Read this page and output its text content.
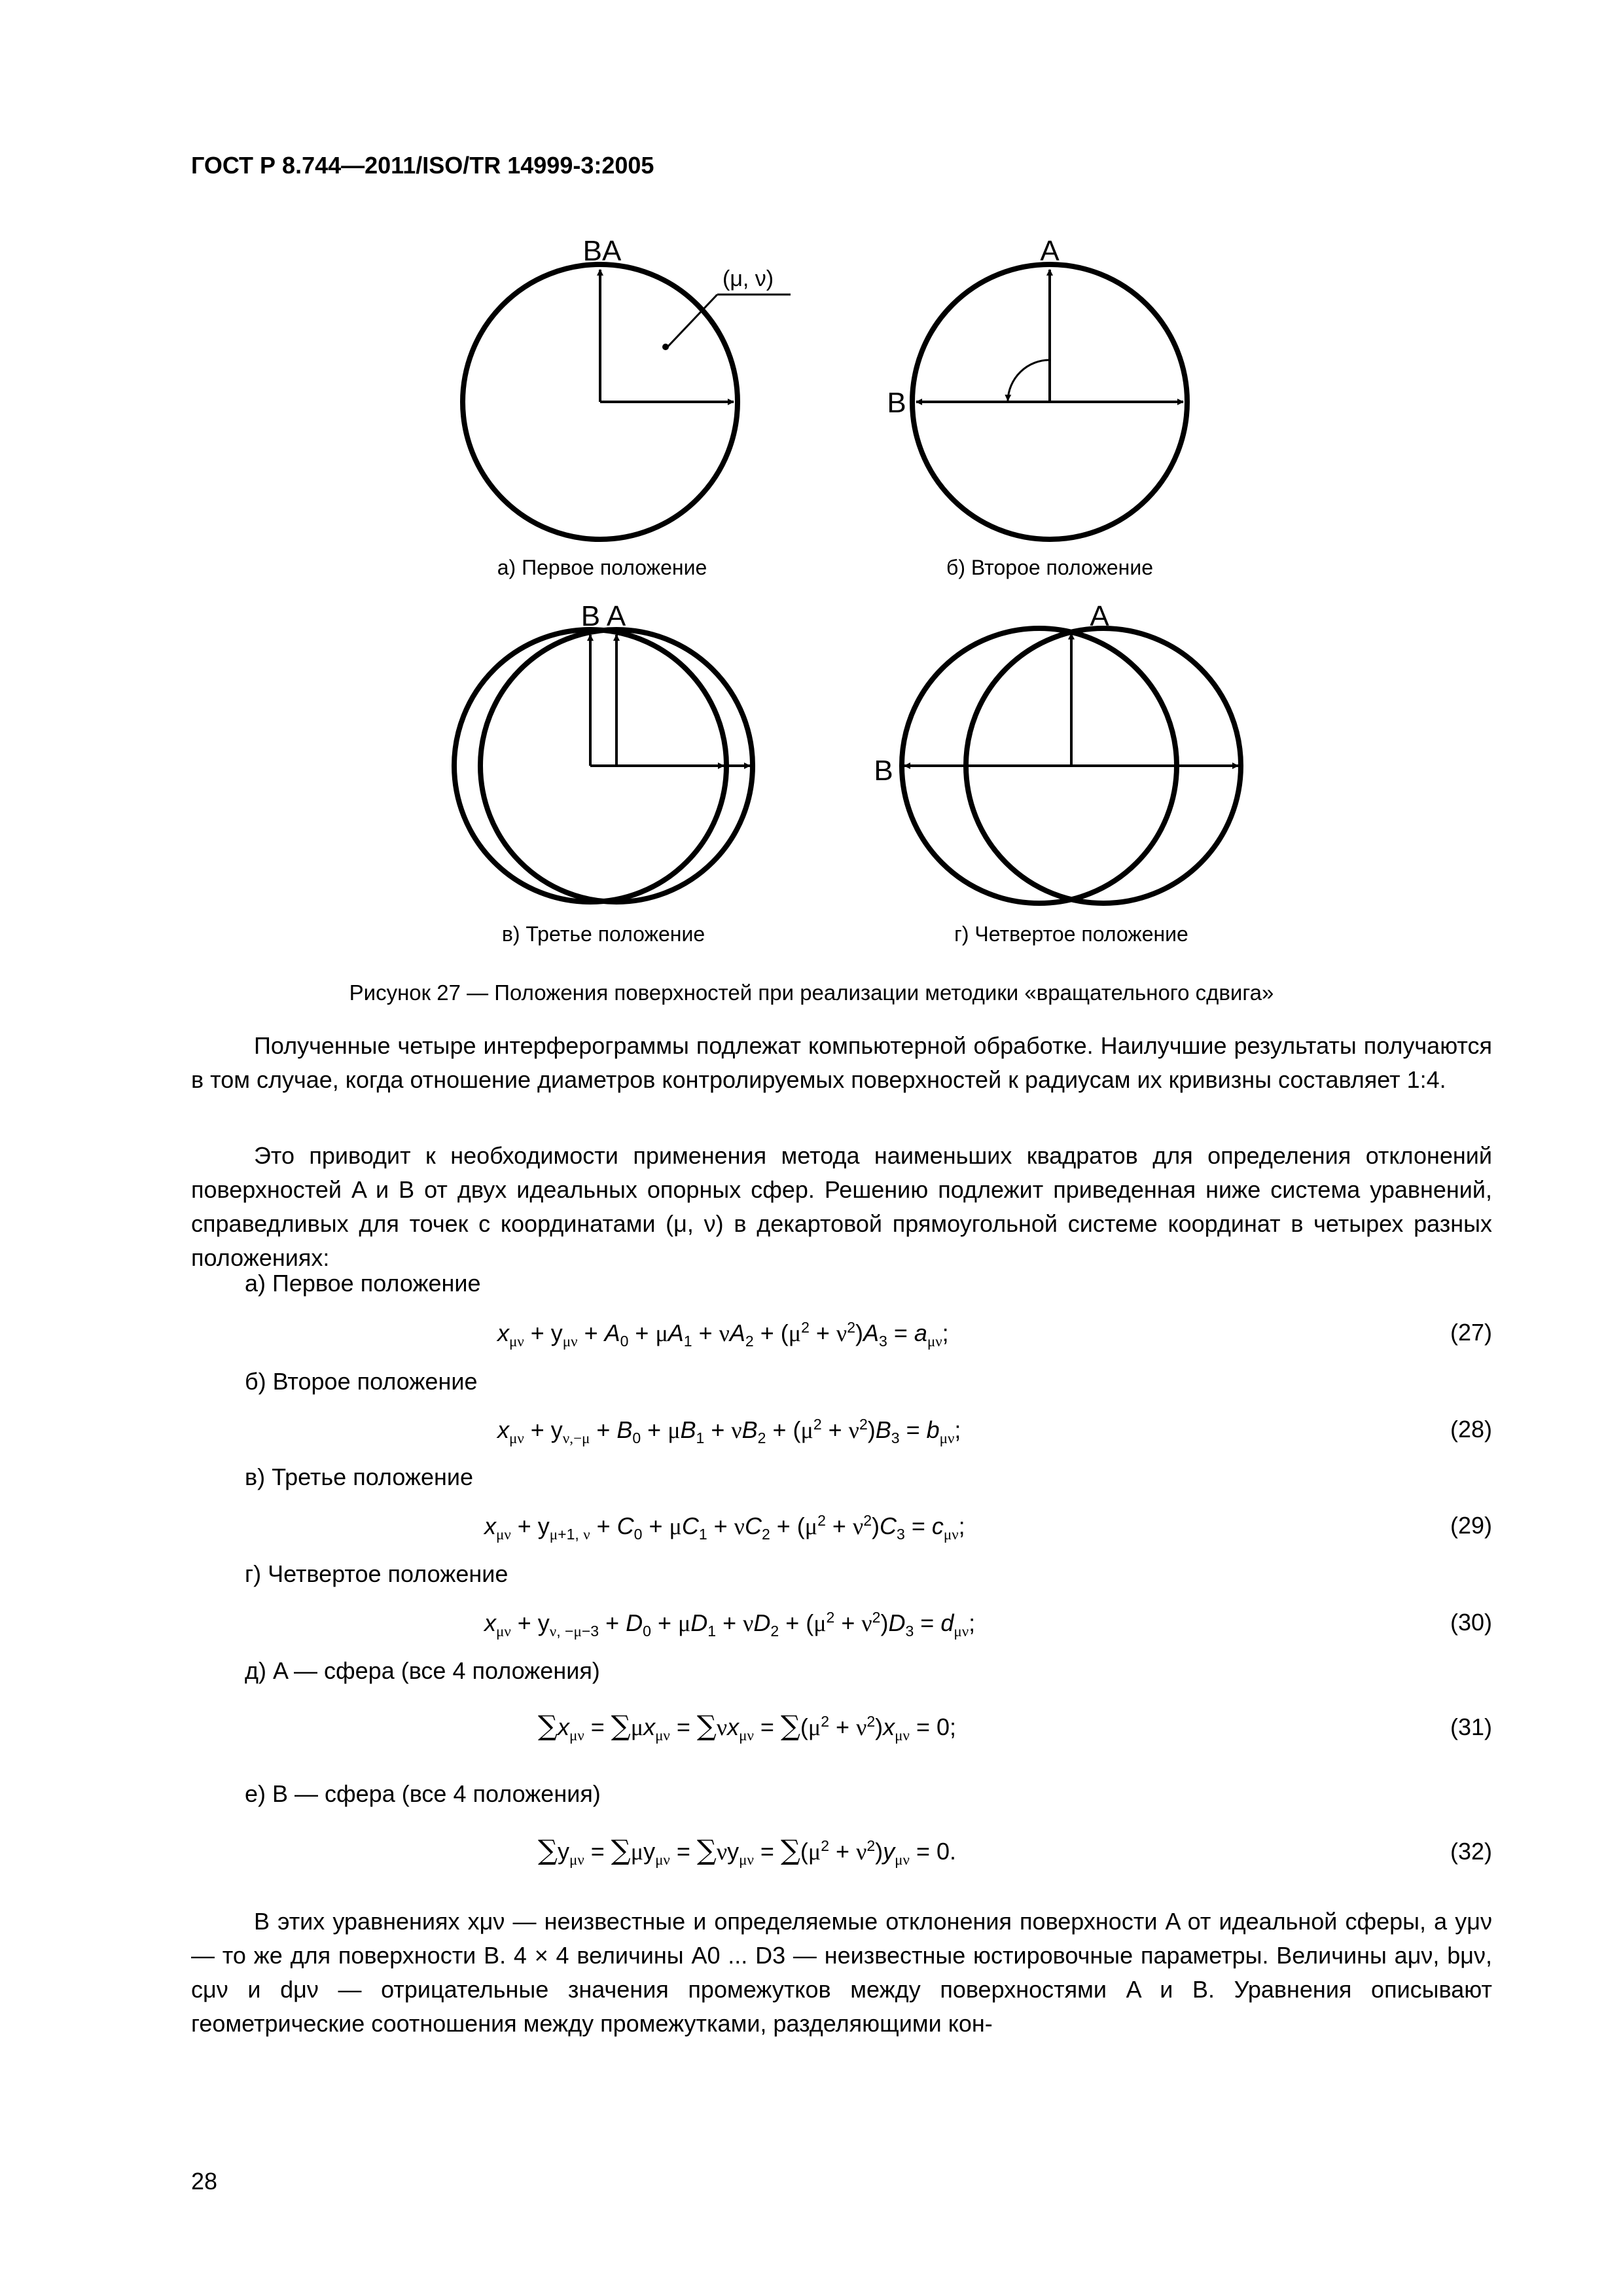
ГОСТ Р 8.744—2011/ISO/TR 14999-3:2005
BA
(μ, ν)
а) Первое положение
A
B
б) Второе положение
B A
в) Третье положение
A
B
г) Четвертое положение
Рисунок 27 — Положения поверхностей при реализации методики «вращательного сдвига»
Полученные четыре интерферограммы подлежат компьютерной обработке. Наилучшие результаты получаются в том случае, когда отношение диаметров контролируемых поверхностей к радиусам их кривизны составляет 1:4.
Это приводит к необходимости применения метода наименьших квадратов для определения отклонений поверхностей A и B от двух идеальных опорных сфер. Решению подлежит приведенная ниже система уравнений, справедливых для точек с координатами (μ, ν) в декартовой прямоугольной системе координат в четырех разных положениях:
а) Первое положение
$x_{\mu\nu} + y_{\mu\nu} + A_0 + \mu A_1 + \nu A_2 + (\mu^2 + \nu^2)A_3 = a_{\mu\nu}$;	(27)
б) Второе положение
$x_{\mu\nu} + y_{\nu,-\mu} + B_0 + \mu B_1 + \nu B_2 + (\mu^2 + \nu^2)B_3 = b_{\mu\nu}$;	(28)
в) Третье положение
$x_{\mu\nu} + y_{\mu+1, \nu} + C_0 + \mu C_1 + \nu C_2 + (\mu^2 + \nu^2)C_3 = c_{\mu\nu}$;	(29)
г) Четвертое положение
$x_{\mu\nu} + y_{\nu, -\mu-3} + D_0 + \mu D_1 + \nu D_2 + (\mu^2 + \nu^2)D_3 = d_{\mu\nu}$;	(30)
д) A — сфера (все 4 положения)
$\sum x_{\mu\nu} = \sum\mu x_{\mu\nu} = \sum\nu x_{\mu\nu} = \sum(\mu^2 + \nu^2)x_{\mu\nu} = 0$;	(31)
е) B — сфера (все 4 положения)
$\sum y_{\mu\nu} = \sum\mu y_{\mu\nu} = \sum\nu y_{\mu\nu} = \sum(\mu^2 + \nu^2)y_{\mu\nu} = 0$.	(32)
В этих уравнениях xμν — неизвестные и определяемые отклонения поверхности A от идеальной сферы, а yμν — то же для поверхности B. 4 × 4 величины A0 ... D3 — неизвестные юстировочные параметры. Величины aμν, bμν, cμν и dμν — отрицательные значения промежутков между поверхностями A и B. Уравнения описывают геометрические соотношения между промежутками, разделяющими кон-
28
